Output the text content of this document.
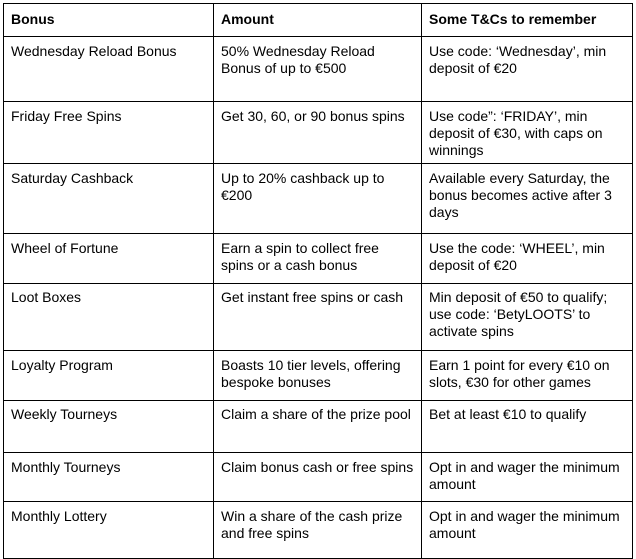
Bonus	Amount	Some T&Cs to remember
Wednesday Reload Bonus	50% Wednesday Reload Bonus of up to €500	Use code: ‘Wednesday’, min deposit of €20
Friday Free Spins	Get 30, 60, or 90 bonus spins	Use code”: ‘FRIDAY’, min deposit of €30, with caps on winnings
Saturday Cashback	Up to 20% cashback up to €200	Available every Saturday, the bonus becomes active after 3 days
Wheel of Fortune	Earn a spin to collect free spins or a cash bonus	Use the code: ‘WHEEL’, min deposit of €20
Loot Boxes	Get instant free spins or cash	Min deposit of €50 to qualify; use code: ‘BetyLOOTS’ to activate spins
Loyalty Program	Boasts 10 tier levels, offering bespoke bonuses	Earn 1 point for every €10 on slots, €30 for other games
Weekly Tourneys	Claim a share of the prize pool	Bet at least €10 to qualify
Monthly Tourneys	Claim bonus cash or free spins	Opt in and wager the minimum amount
Monthly Lottery	Win a share of the cash prize and free spins	Opt in and wager the minimum amount
